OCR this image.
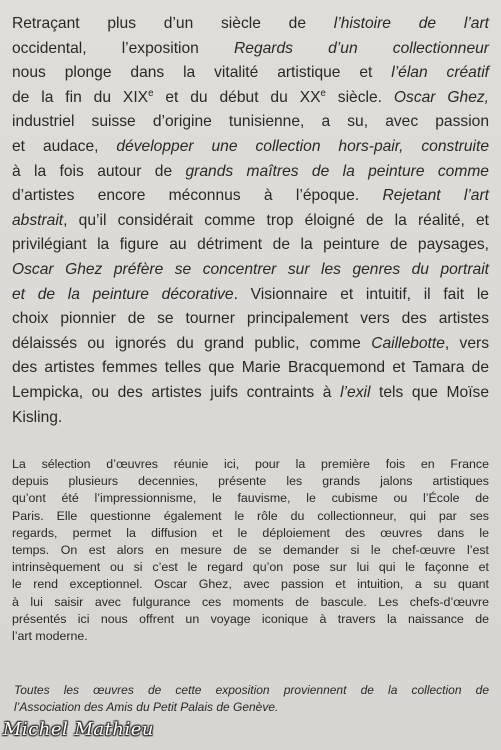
Retraçant plus d’un siècle de l’histoire de l’art
occidental, l’exposition Regards d’un collectionneur
nous plonge dans la vitalité artistique et l’élan créatif
de la fin du XIXe et du début du XXe siècle. Oscar Ghez,
industriel suisse d’origine tunisienne, a su, avec passion
et audace, développer une collection hors-pair, construite
à la fois autour de grands maîtres de la peinture comme
d’artistes encore méconnus à l’époque. Rejetant l’art
abstrait, qu’il considérait comme trop éloigné de la réalité, et
privilégiant la figure au détriment de la peinture de paysages,
Oscar Ghez préfère se concentrer sur les genres du portrait
et de la peinture décorative. Visionnaire et intuitif, il fait le
choix pionnier de se tourner principalement vers des artistes
délaissés ou ignorés du grand public, comme Caillebotte, vers
des artistes femmes telles que Marie Bracquemond et Tamara de
Lempicka, ou des artistes juifs contraints à l’exil tels que Moïse
Kisling.
La sélection d’œuvres réunie ici, pour la première fois en France
depuis plusieurs decennies, présente les grands jalons artistiques
qu’ont été l’impressionnisme, le fauvisme, le cubisme ou l’École de
Paris. Elle questionne également le rôle du collectionneur, qui par ses
regards, permet la diffusion et le déploiement des œuvres dans le
temps. On est alors en mesure de se demander si le chef-œuvre l’est
intrinsèquement ou si c’est le regard qu’on pose sur lui qui le façonne et
le rend exceptionnel. Oscar Ghez, avec passion et intuition, a su quant
à lui saisir avec fulgurance ces moments de bascule. Les chefs-d’œuvre
présentés ici nous offrent un voyage iconique à travers la naissance de
l’art moderne.
Toutes les œuvres de cette exposition proviennent de la collection de
l’Association des Amis du Petit Palais de Genève.
Michel Mathieu
